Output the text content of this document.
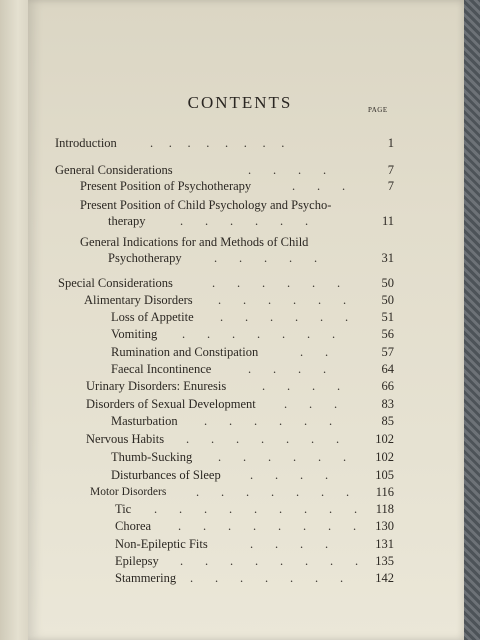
CONTENTS	PAGE
Introduction	.     .     .     .     .     .     .     .	1
General Considerations	.       .       .       .	7
Present Position of Psychotherapy	.       .       .	7
Present Position of Child Psychology and Psycho-
therapy	.       .       .       .       .       .	11
General Indications for and Methods of Child
Psychotherapy	.       .       .       .       .	31
Special Considerations	.       .       .       .       .       .	50
Alimentary Disorders .       .       .       .       .       .	50
Loss of Appetite .       .       .       .       .       .	51
Vomiting .       .       .       .       .       .       .	56
Rumination and Constipation	.       .	57
Faecal Incontinence	.       .       .       .	64
Urinary Disorders: Enuresis	.       .       .       .	66
Disorders of Sexual Development .       .       .	83
Masturbation .       .       .       .       .       .	85
Nervous Habits .       .       .       .       .       .       .	102
Thumb-Sucking .       .       .       .       .       .	102
Disturbances of Sleep .       .       .       .	105
Motor Disorders .       .       .       .       .       .       .	116
Tic .       .       .       .       .       .       .       .       .	118
Chorea .       .       .       .       .       .       .       .	130
Non-Epileptic Fits	.       .       .       .	131
Epilepsy .       .       .       .       .       .       .       .	135
Stammering .       .       .       .       .       .       .	142
